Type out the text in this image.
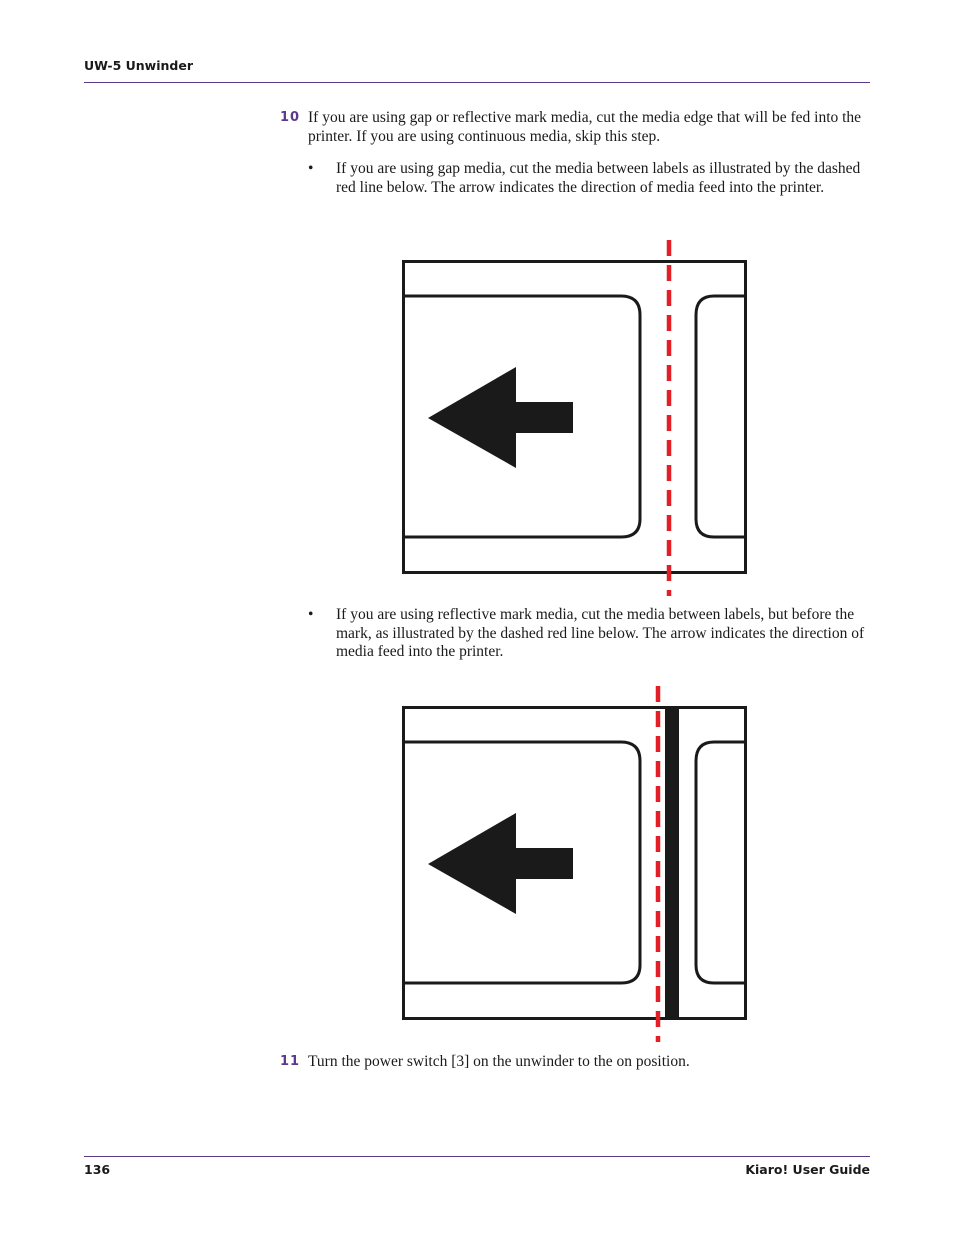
UW-5 Unwinder
10 If you are using gap or reflective mark media, cut the media edge that will be fed into the printer. If you are using continuous media, skip this step.
• If you are using gap media, cut the media between labels as illustrated by the dashed red line below. The arrow indicates the direction of media feed into the printer.
• If you are using reflective mark media, cut the media between labels, but before the mark, as illustrated by the dashed red line below. The arrow indicates the direction of media feed into the printer.
11 Turn the power switch [3] on the unwinder to the on position.
136	Kiaro! User Guide
